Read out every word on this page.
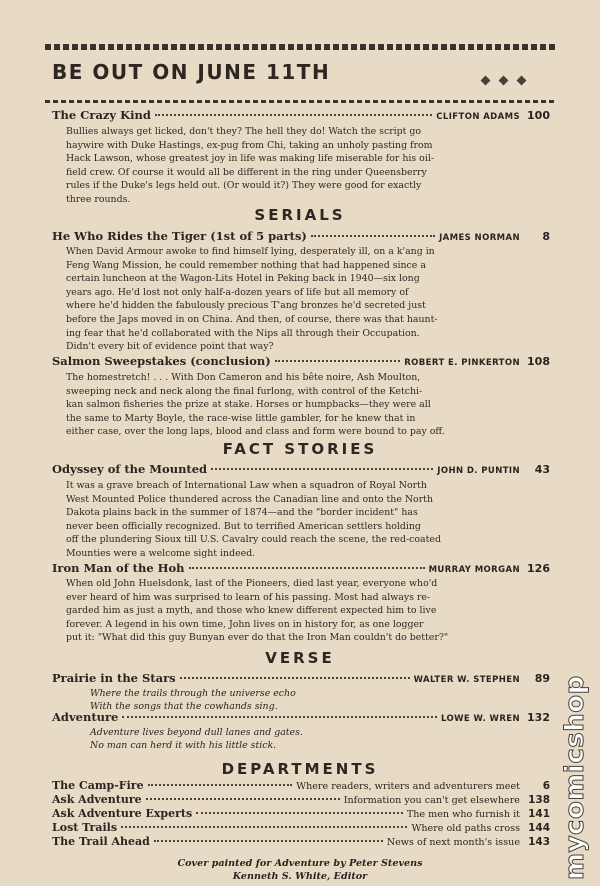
BE OUT ON JUNE 11TH
The Crazy Kind	CLIFTON ADAMS 100
Bullies always get licked, don't they? The hell they do! Watch the script go
haywire with Duke Hastings, ex-pug from Chi, taking an unholy pasting from
Hack Lawson, whose greatest joy in life was making life miserable for his oil-
field crew. Of course it would all be different in the ring under Queensberry
rules if the Duke's legs held out. (Or would it?) They were good for exactly
three rounds.
SERIALS
He Who Rides the Tiger (1st of 5 parts)	JAMES NORMAN	8
When David Armour awoke to find himself lying, desperately ill, on a k'ang in
Feng Wang Mission, he could remember nothing that had happened since a
certain luncheon at the Wagon-Lits Hotel in Peking back in 1940—six long
years ago. He'd lost not only half-a-dozen years of life but all memory of
where he'd hidden the fabulously precious T'ang bronzes he'd secreted just
before the Japs moved in on China. And then, of course, there was that haunt-
ing fear that he'd collaborated with the Nips all through their Occupation.
Didn't every bit of evidence point that way?
Salmon Sweepstakes (conclusion)	ROBERT E. PINKERTON 108
The homestretch! . . . With Don Cameron and his bête noire, Ash Moulton,
sweeping neck and neck along the final furlong, with control of the Ketchi-
kan salmon fisheries the prize at stake. Horses or humpbacks—they were all
the same to Marty Boyle, the race-wise little gambler, for he knew that in
either case, over the long laps, blood and class and form were bound to pay off.
FACT STORIES
Odyssey of the Mounted	JOHN D. PUNTIN	43
It was a grave breach of International Law when a squadron of Royal North
West Mounted Police thundered across the Canadian line and onto the North
Dakota plains back in the summer of 1874—and the "border incident" has
never been officially recognized. But to terrified American settlers holding
off the plundering Sioux till U.S. Cavalry could reach the scene, the red-coated
Mounties were a welcome sight indeed.
Iron Man of the Hoh	MURRAY MORGAN 126
When old John Huelsdonk, last of the Pioneers, died last year, everyone who'd
ever heard of him was surprised to learn of his passing. Most had always re-
garded him as just a myth, and those who knew different expected him to live
forever. A legend in his own time, John lives on in history for, as one logger
put it: "What did this guy Bunyan ever do that the Iron Man couldn't do better?"
VERSE
Prairie in the Stars	WALTER W. STEPHEN	89
Where the trails through the universe echo
With the songs that the cowhands sing.
Adventure	LOWE W. WREN 132
Adventure lives beyond dull lanes and gates.
No man can herd it with his little stick.
DEPARTMENTS
The Camp-Fire	Where readers, writers and adventurers meet	6
Ask Adventure	Information you can't get elsewhere 138
Ask Adventure Experts	The men who furnish it 141
Lost Trails	Where old paths cross 144
The Trail Ahead	News of next month's issue 143
Cover painted for Adventure by Peter Stevens
Kenneth S. White, Editor	mycomicshop
